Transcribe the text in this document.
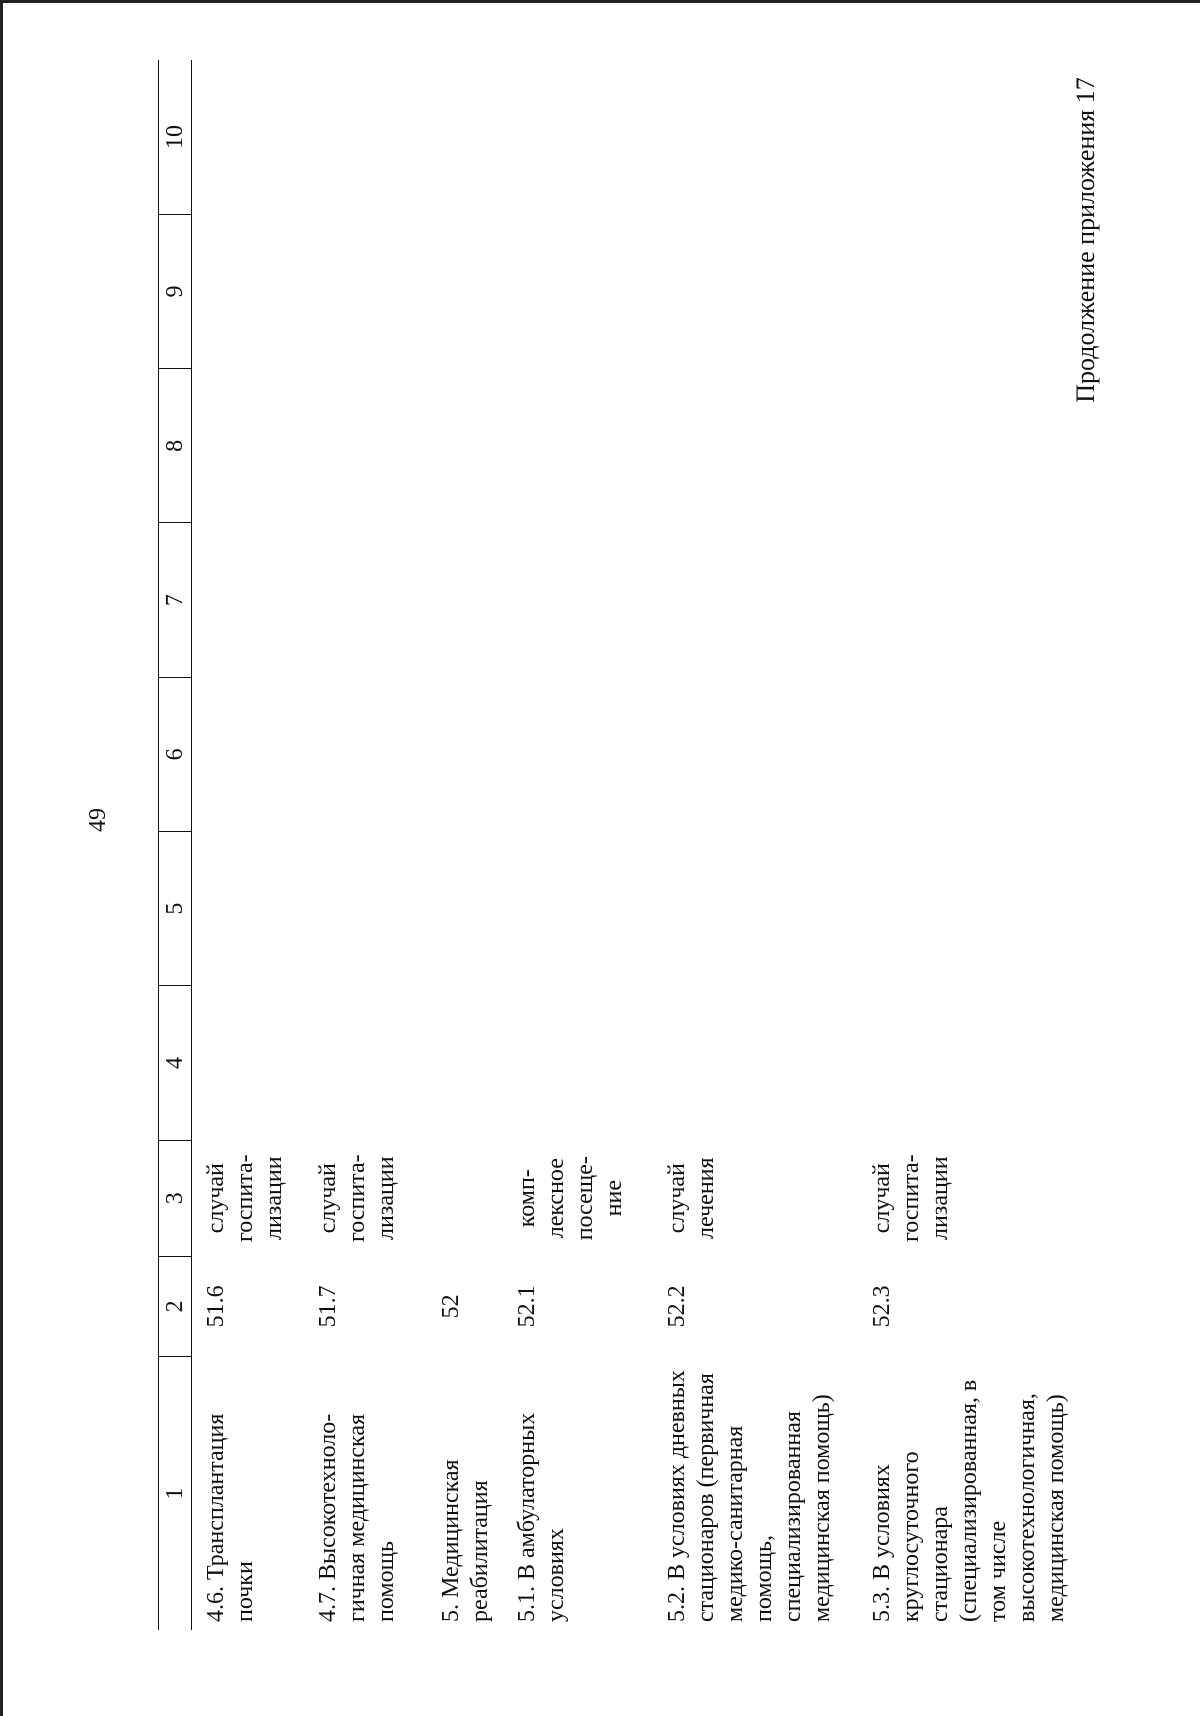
Продолжение приложения 17
49
1	2	3	4	5	6	7	8	9	10
4.6. Трансплантация почки	51.6	случай госпита-лизации							
4.7. Высокотехноло-гичная медицинская помощь	51.7	случай госпита-лизации							
5. Медицинская реабилитация	52								
5.1. В амбулаторных условиях	52.1	комп-лексное посеще-ние							
5.2. В условиях дневных стационаров (первичная медико-санитарная помощь, специализированная медицинская помощь)	52.2	случай лечения							
5.3. В условиях круглосуточного стационара (специализированная, в том числе высокотехнологичная, медицинская помощь)	52.3	случай госпита-лизации							
